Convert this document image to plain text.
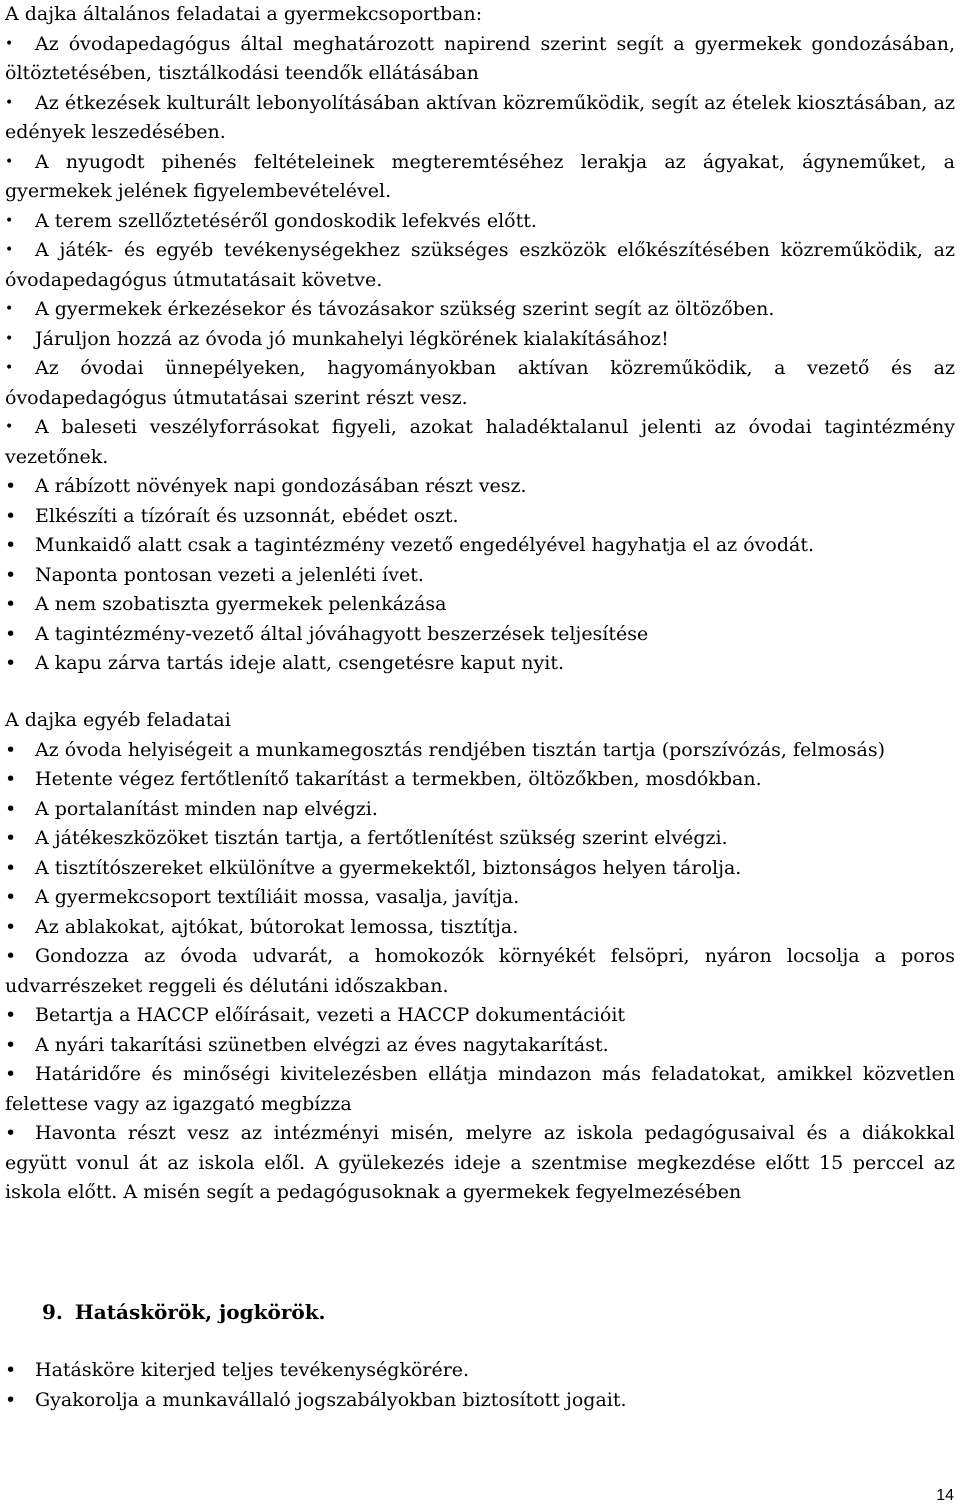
A dajka általános feladatai a gyermekcsoportban:

• Az óvodapedagógus által meghatározott napirend szerint segít a gyermekek gondozásában, öltöztetésében, tisztálkodási teendők ellátásában
• Az étkezések kulturált lebonyolításában aktívan közreműködik, segít az ételek kiosztásában, az edények leszedésében.
• A nyugodt pihenés feltételeinek megteremtéséhez lerakja az ágyakat, ágyneműket, a gyermekek jelének figyelembevételével.
• A terem szellőztetéséről gondoskodik lefekvés előtt.
• A játék- és egyéb tevékenységekhez szükséges eszközök előkészítésében közreműködik, az óvodapedagógus útmutatásait követve.
• A gyermekek érkezésekor és távozásakor szükség szerint segít az öltözőben.
• Járuljon hozzá az óvoda jó munkahelyi légkörének kialakításához!
• Az óvodai ünnepélyeken, hagyományokban aktívan közreműködik, a vezető és az óvodapedagógus útmutatásai szerint részt vesz.
• A baleseti veszélyforrásokat figyeli, azokat haladéktalanul jelenti az óvodai tagintézmény vezetőnek.
• A rábízott növények napi gondozásában részt vesz.
• Elkészíti a tízóraít és uzsonnát, ebédet oszt.
• Munkaidő alatt csak a tagintézmény vezető engedélyével hagyhatja el az óvodát.
• Naponta pontosan vezeti a jelenléti ívet.
• A nem szobatiszta gyermekek pelenkázása
• A tagintézmény-vezető által jóváhagyott beszerzések teljesítése
• A kapu zárva tartás ideje alatt, csengetésre kaput nyit.

A dajka egyéb feladatai

• Az óvoda helyiségeit a munkamegosztás rendjében tisztán tartja (porszívózás, felmosás)
• Hetente végez fertőtlenítő takarítást a termekben, öltözőkben, mosdókban.
• A portalanítást minden nap elvégzi.
• A játékeszközöket tisztán tartja, a fertőtlenítést szükség szerint elvégzi.
• A tisztítószereket elkülönítve a gyermekektől, biztonságos helyen tárolja.
• A gyermekcsoport textíliáit mossa, vasalja, javítja.
• Az ablakokat, ajtókat, bútorokat lemossa, tisztítja.
• Gondozza az óvoda udvarát, a homokozók környékét felsöpri, nyáron locsolja a poros udvarrészeket reggeli és délutáni időszakban.
• Betartja a HACCP előírásait, vezeti a HACCP dokumentációit
• A nyári takarítási szünetben elvégzi az éves nagytakarítást.
• Határidőre és minőségi kivitelezésben ellátja mindazon más feladatokat, amikkel közvetlen felettese vagy az igazgató megbízza
• Havonta részt vesz az intézményi misén, melyre az iskola pedagógusaival és a diákokkal együtt vonul át az iskola elől. A gyülekezés ideje a szentmise megkezdése előtt 15 perccel az iskola előtt. A misén segít a pedagógusoknak a gyermekek fegyelmezésében
9. Hatáskörök, jogkörök.
• Hatásköre kiterjed teljes tevékenységkörére.
• Gyakorolja a munkavállaló jogszabályokban biztosított jogait.
14
